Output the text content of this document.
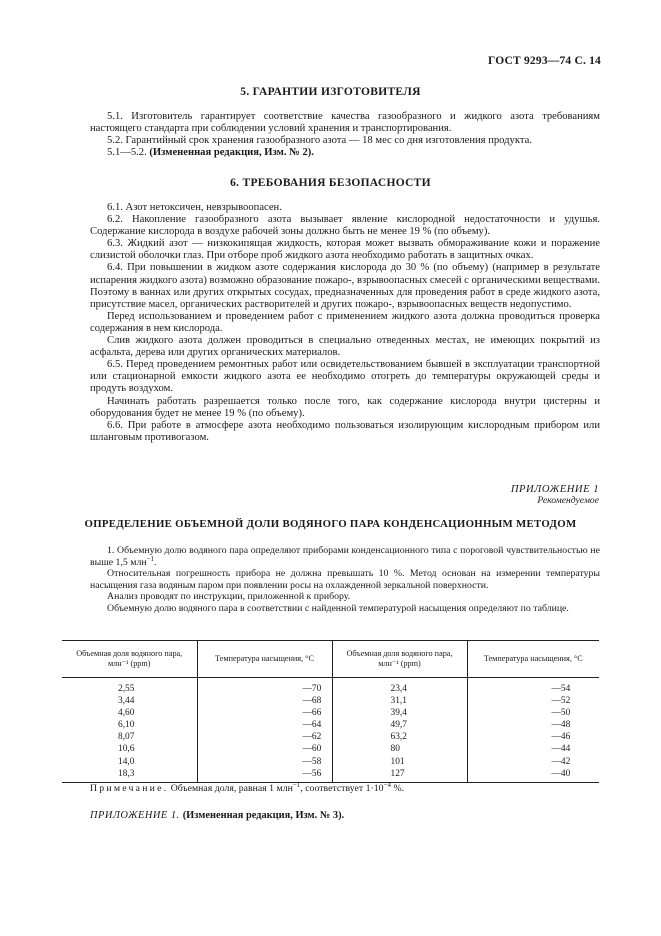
ГОСТ 9293—74 С. 14
5. ГАРАНТИИ ИЗГОТОВИТЕЛЯ

5.1. Изготовитель гарантирует соответствие качества газообразного и жидкого азота требованиям настоящего стандарта при соблюдении условий хранения и транспортирования.

5.2. Гарантийный срок хранения газообразного азота — 18 мес со дня изготовления продукта.

5.1—5.2. (Измененная редакция, Изм. № 2).

6. ТРЕБОВАНИЯ БЕЗОПАСНОСТИ

6.1. Азот нетоксичен, невзрывоопасен.

6.2. Накопление газообразного азота вызывает явление кислородной недостаточности и удушья. Содержание кислорода в воздухе рабочей зоны должно быть не менее 19 % (по объему).

6.3. Жидкий азот — низкокипящая жидкость, которая может вызвать обмораживание кожи и поражение слизистой оболочки глаз. При отборе проб жидкого азота необходимо работать в защитных очках.

6.4. При повышении в жидком азоте содержания кислорода до 30 % (по объему) (например в результате испарения жидкого азота) возможно образование пожаро-, взрывоопасных смесей с органическими веществами. Поэтому в ваннах или других открытых сосудах, предназначенных для проведения работ в среде жидкого азота, присутствие масел, органических растворителей и других пожаро-, взрывоопасных веществ недопустимо.

Перед использованием и проведением работ с применением жидкого азота должна проводиться проверка содержания в нем кислорода.

Слив жидкого азота должен проводиться в специально отведенных местах, не имеющих покрытий из асфальта, дерева или других органических материалов.

6.5. Перед проведением ремонтных работ или освидетельствованием бывшей в эксплуатации транспортной или стационарной емкости жидкого азота ее необходимо отогреть до температуры окружающей среды и продуть воздухом.

Начинать работать разрешается только после того, как содержание кислорода внутри цистерны и оборудования будет не менее 19 % (по объему).

6.6. При работе в атмосфере азота необходимо пользоваться изолирующим кислородным прибором или шланговым противогазом.

ПРИЛОЖЕНИЕ 1
Рекомендуемое
ОПРЕДЕЛЕНИЕ ОБЪЕМНОЙ ДОЛИ ВОДЯНОГО ПАРА КОНДЕНСАЦИОННЫМ МЕТОДОМ

1. Объемную долю водяного пара определяют приборами конденсационного типа с пороговой чувствительностью не выше 1,5 млн$^{-1}$.

Относительная погрешность прибора не должна превышать 10 %. Метод основан на измерении температуры насыщения газа водяным паром при появлении росы на охлажденной зеркальной поверхности.

Анализ проводят по инструкции, приложенной к прибору.

Объемную долю водяного пара в соответствии с найденной температурой насыщения определяют по таблице.

Объемная доля водяного пара, млн⁻¹ (ppm)	Температура насыщения, °С	Объемная доля водяного пара, млн⁻¹ (ppm)	Температура насыщения, °С

2,55	—70	23,4	—54
3,44	—68	31,1	—52
4,60	—66	39,4	—50
6,10	—64	49,7	—48
8,07	—62	63,2	—46
10,6	—60	80	—44
14,0	—58	101	—42
18,3	—56	127	—40
Примечание. Объемная доля, равная 1 млн$^{-1}$, соответствует $1\cdot 10^{-4}$ %.
ПРИЛОЖЕНИЕ 1. (Измененная редакция, Изм. № 3).
